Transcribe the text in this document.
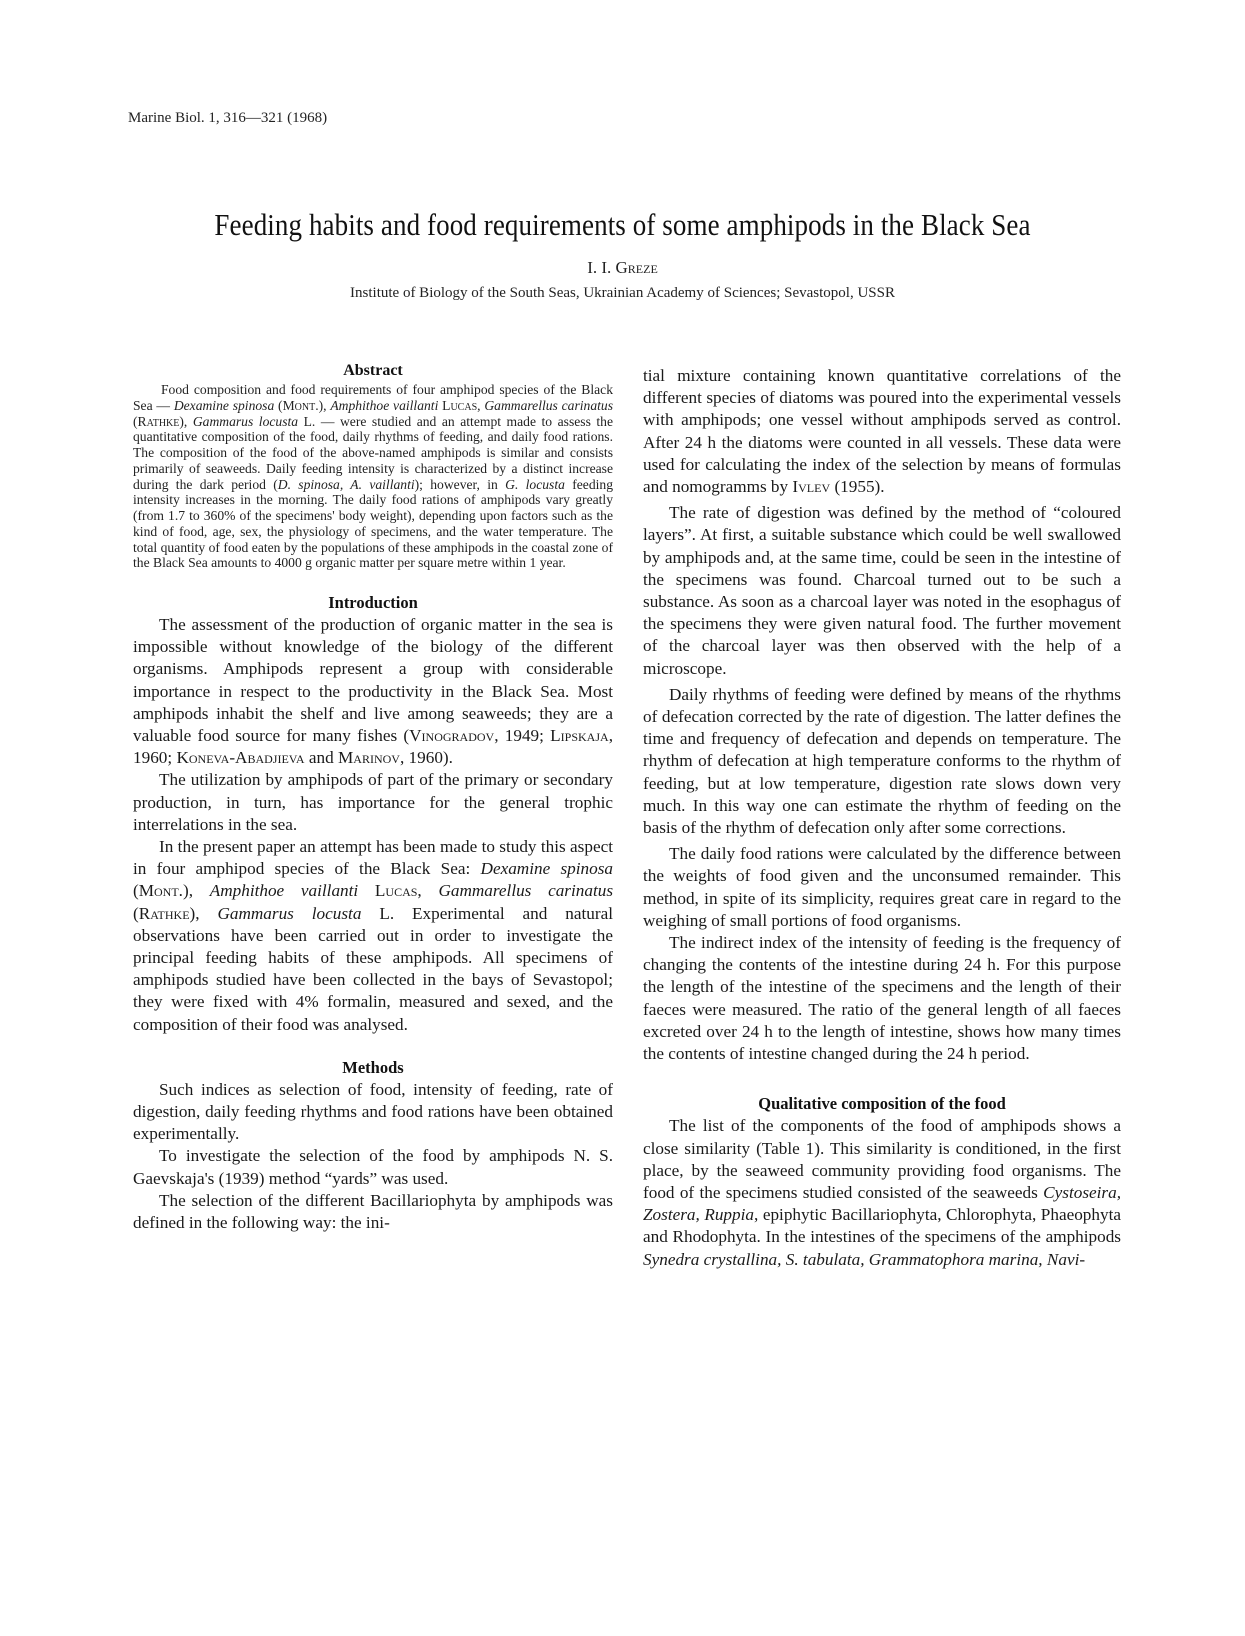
Marine Biol. 1, 316—321 (1968)
Feeding habits and food requirements of some amphipods in the Black Sea
I. I. Greze
Institute of Biology of the South Seas, Ukrainian Academy of Sciences; Sevastopol, USSR
Abstract

Food composition and food requirements of four amphipod species of the Black Sea — Dexamine spinosa (Mont.), Amphithoe vaillanti Lucas, Gammarellus carinatus (Rathke), Gammarus locusta L. — were studied and an attempt made to assess the quantitative composition of the food, daily rhythms of feeding, and daily food rations. The composition of the food of the above-named amphipods is similar and consists primarily of seaweeds. Daily feeding intensity is characterized by a distinct increase during the dark period (D. spinosa, A. vaillanti); however, in G. locusta feeding intensity increases in the morning. The daily food rations of amphipods vary greatly (from 1.7 to 360% of the specimens' body weight), depending upon factors such as the kind of food, age, sex, the physiology of specimens, and the water temperature. The total quantity of food eaten by the populations of these amphipods in the coastal zone of the Black Sea amounts to 4000 g organic matter per square metre within 1 year.

Introduction

The assessment of the production of organic matter in the sea is impossible without knowledge of the biology of the different organisms. Amphipods represent a group with considerable importance in respect to the productivity in the Black Sea. Most amphipods inhabit the shelf and live among seaweeds; they are a valuable food source for many fishes (Vinogradov, 1949; Lipskaja, 1960; Koneva-Abadjieva and Marinov, 1960).

The utilization by amphipods of part of the primary or secondary production, in turn, has importance for the general trophic interrelations in the sea.

In the present paper an attempt has been made to study this aspect in four amphipod species of the Black Sea: Dexamine spinosa (Mont.), Amphithoe vaillanti Lucas, Gammarellus carinatus (Rathke), Gammarus locusta L. Experimental and natural observations have been carried out in order to investigate the principal feeding habits of these amphipods. All specimens of amphipods studied have been collected in the bays of Sevastopol; they were fixed with 4% formalin, measured and sexed, and the composition of their food was analysed.

Methods

Such indices as selection of food, intensity of feeding, rate of digestion, daily feeding rhythms and food rations have been obtained experimentally.

To investigate the selection of the food by amphipods N. S. Gaevskaja's (1939) method “yards” was used.

The selection of the different Bacillariophyta by amphipods was defined in the following way: the ini-

tial mixture containing known quantitative correlations of the different species of diatoms was poured into the experimental vessels with amphipods; one vessel without amphipods served as control. After 24 h the diatoms were counted in all vessels. These data were used for calculating the index of the selection by means of formulas and nomogramms by Ivlev (1955).

The rate of digestion was defined by the method of “coloured layers”. At first, a suitable substance which could be well swallowed by amphipods and, at the same time, could be seen in the intestine of the specimens was found. Charcoal turned out to be such a substance. As soon as a charcoal layer was noted in the esophagus of the specimens they were given natural food. The further movement of the charcoal layer was then observed with the help of a microscope.

Daily rhythms of feeding were defined by means of the rhythms of defecation corrected by the rate of digestion. The latter defines the time and frequency of defecation and depends on temperature. The rhythm of defecation at high temperature conforms to the rhythm of feeding, but at low temperature, digestion rate slows down very much. In this way one can estimate the rhythm of feeding on the basis of the rhythm of defecation only after some corrections.

The daily food rations were calculated by the difference between the weights of food given and the unconsumed remainder. This method, in spite of its simplicity, requires great care in regard to the weighing of small portions of food organisms.

The indirect index of the intensity of feeding is the frequency of changing the contents of the intestine during 24 h. For this purpose the length of the intestine of the specimens and the length of their faeces were measured. The ratio of the general length of all faeces excreted over 24 h to the length of intestine, shows how many times the contents of intestine changed during the 24 h period.

Qualitative composition of the food

The list of the components of the food of amphipods shows a close similarity (Table 1). This similarity is conditioned, in the first place, by the seaweed community providing food organisms. The food of the specimens studied consisted of the seaweeds Cystoseira, Zostera, Ruppia, epiphytic Bacillariophyta, Chlorophyta, Phaeophyta and Rhodophyta. In the intestines of the specimens of the amphipods Synedra crystallina, S. tabulata, Grammatophora marina, Navi-
